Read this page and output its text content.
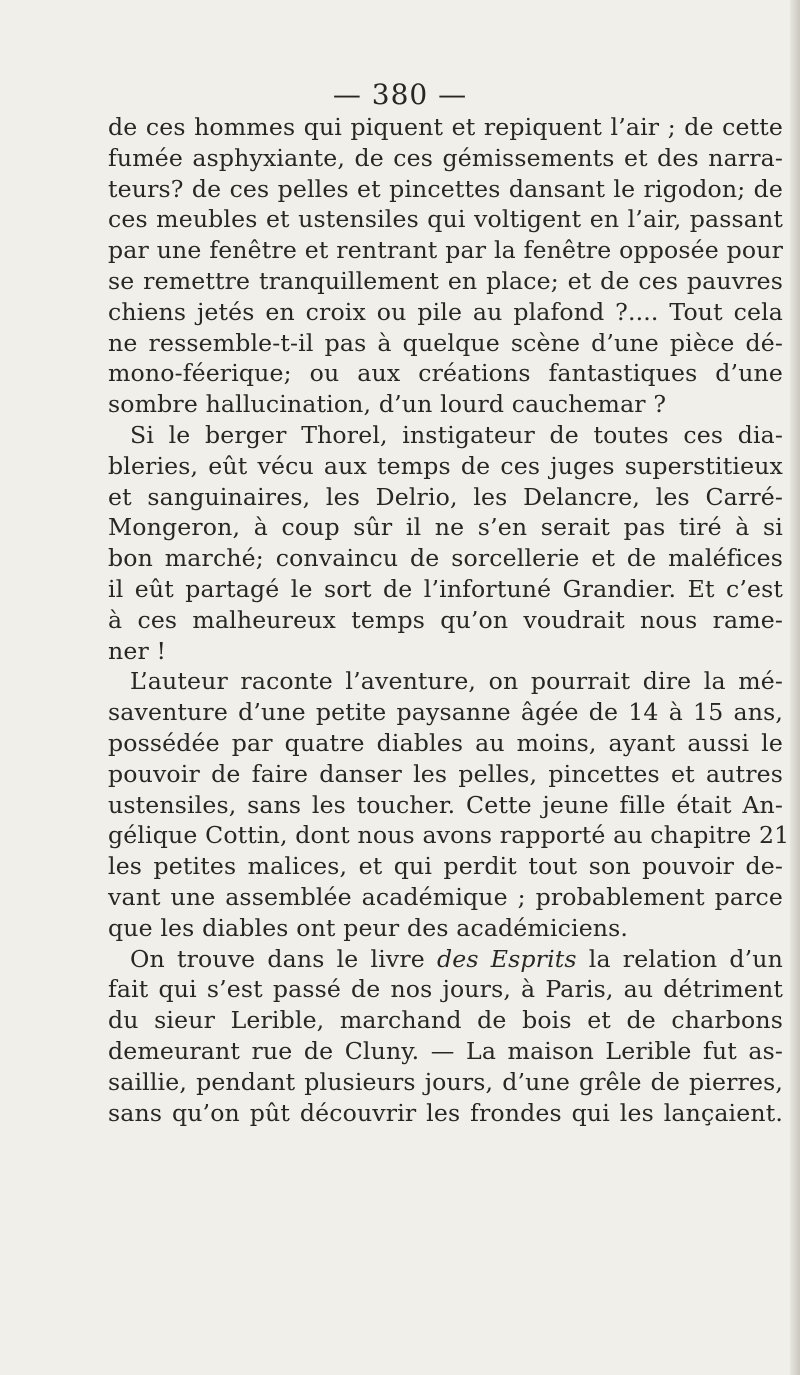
— 380 —
de ces hommes qui piquent et repiquent l’air ; de cette
fumée asphyxiante, de ces gémissements et des narra-
teurs? de ces pelles et pincettes dansant le rigodon; de
ces meubles et ustensiles qui voltigent en l’air, passant
par une fenêtre et rentrant par la fenêtre opposée pour
se remettre tranquillement en place; et de ces pauvres
chiens jetés en croix ou pile au plafond ?.... Tout cela
ne ressemble-t-il pas à quelque scène d’une pièce dé-
mono-féerique; ou aux créations fantastiques d’une
sombre hallucination, d’un lourd cauchemar ?
Si le berger Thorel, instigateur de toutes ces dia-
bleries, eût vécu aux temps de ces juges superstitieux
et sanguinaires, les Delrio, les Delancre, les Carré-
Mongeron, à coup sûr il ne s’en serait pas tiré à si
bon marché; convaincu de sorcellerie et de maléfices
il eût partagé le sort de l’infortuné Grandier. Et c’est
à ces malheureux temps qu’on voudrait nous rame-
ner !
L’auteur raconte l’aventure, on pourrait dire la mé-
saventure d’une petite paysanne âgée de 14 à 15 ans,
possédée par quatre diables au moins, ayant aussi le
pouvoir de faire danser les pelles, pincettes et autres
ustensiles, sans les toucher. Cette jeune fille était An-
gélique Cottin, dont nous avons rapporté au chapitre 21
les petites malices, et qui perdit tout son pouvoir de-
vant une assemblée académique ; probablement parce
que les diables ont peur des académiciens.
On trouve dans le livre des Esprits la relation d’un
fait qui s’est passé de nos jours, à Paris, au détriment
du sieur Lerible, marchand de bois et de charbons
demeurant rue de Cluny. — La maison Lerible fut as-
saillie, pendant plusieurs jours, d’une grêle de pierres,
sans qu’on pût découvrir les frondes qui les lançaient.
